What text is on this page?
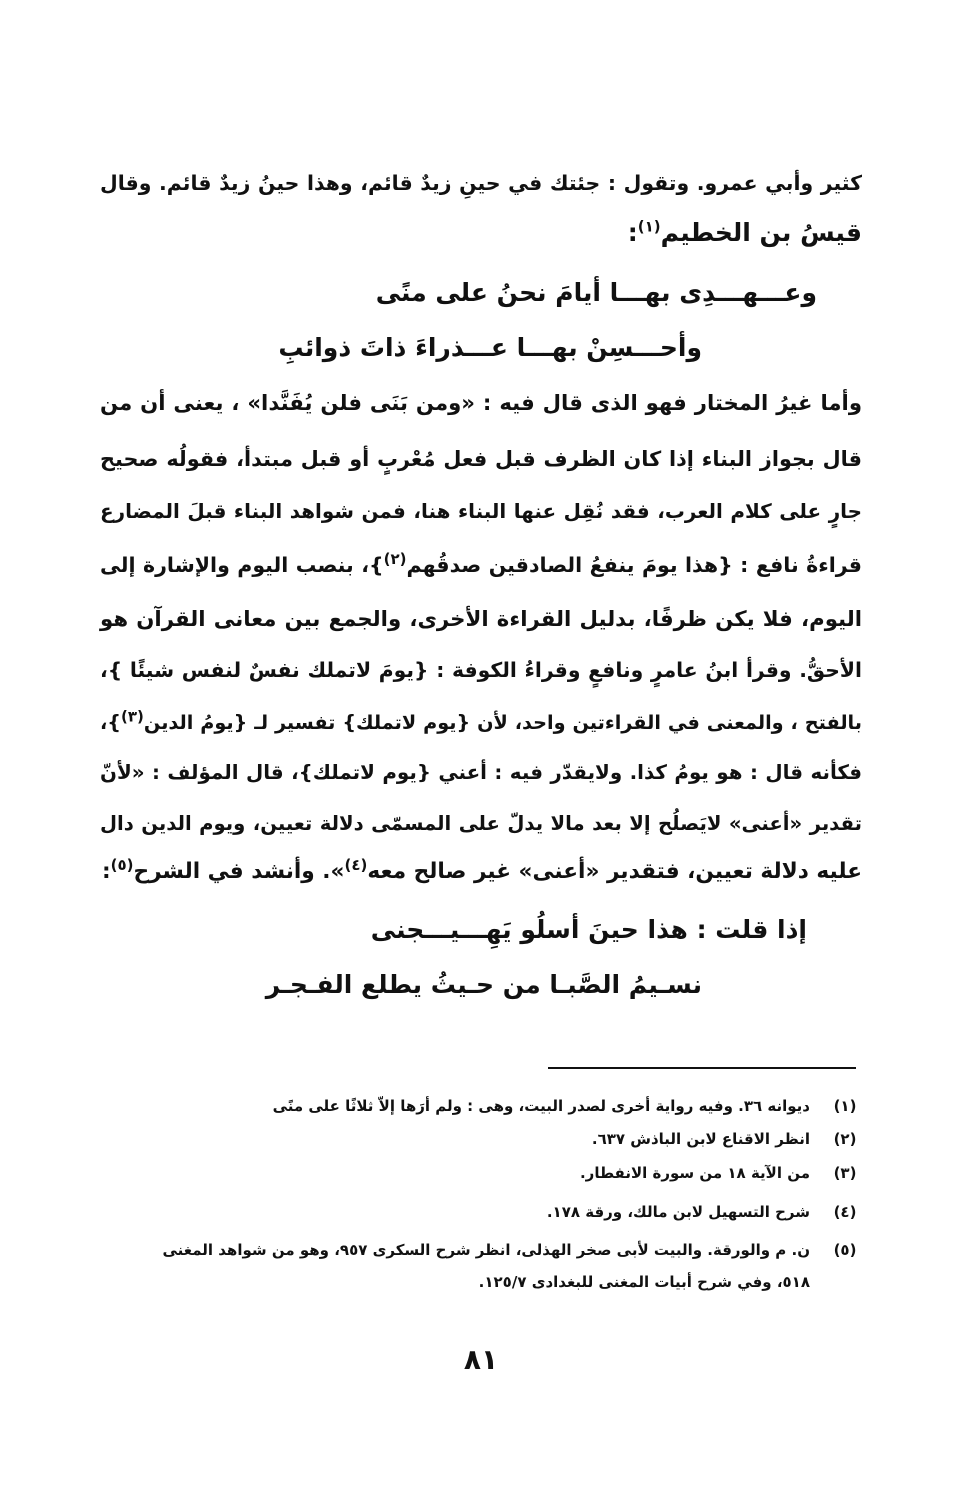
كثير وأبي عمرو. وتقول : جئتك في حينِ زيدٌ قائم، وهذا حينُ زيدٌ قائم. وقال
قيسُ بن الخطيم$^{(١)}$:
وعـــهـــدِى بهـــا أيامَ نحنُ على منًى
وأحـــسِنْ بهـــا عـــذراءَ ذاتَ ذوائبِ
وأما غيرُ المختار فهو الذى قال فيه : «ومن بَنَى فلن يُفَنَّدا» ، يعنى أن من
قال بجواز البناء إذا كان الظرف قبل فعل مُعْربٍ أو قبل مبتدأ، فقولُه صحيح
جارٍ على كلام العرب، فقد نُقِل عنها البناء هنا، فمن شواهد البناء قبلَ المضارع
قراءةُ نافع : {هذا يومَ ينفعُ الصادقين صدقُهم$^{(٢)}$}، بنصب اليوم والإشارة إلى
اليوم، فلا يكن ظرفًا، بدليل القراءة الأخرى، والجمع بين معانى القرآن هو
الأحقُّ. وقرأ ابنُ عامرٍ ونافعٍ وقراءُ الكوفة : {يومَ لاتملك نفسٌ لنفس شيئًا }،
بالفتح ، والمعنى في القراءتين واحد، لأن {يوم لاتملك} تفسير لـ {يومُ الدين$^{(٣)}$}،
فكأنه قال : هو يومُ كذا. ولايقدّر فيه : أعني {يوم لاتملك}، قال المؤلف : «لأنّ
تقدير «أعنى» لايَصلُح إلا بعد مالا يدلّ على المسمّى دلالة تعيين، ويوم الدين دال
عليه دلالة تعيين، فتقدير «أعنى» غير صالح معه$^{(٤)}$». وأنشد في الشرح$^{(٥)}$:
إذا قلت : هذا حينَ أسلُو يَهِـــيـــجنى
نسـيمُ الصَّبـا من حـيثُ يطلع الفـجـر
(١)
ديوانه ٣٦. وفيه رواية أخرى لصدر البيت، وهى : ولم أرَها إلاّ ثلاثًا على منًى
(٢)
انظر الاقناع لابن الباذش ٦٣٧.
(٣)
من الآية ١٨ من سورة الانفطار.
(٤)
شرح التسهيل لابن مالك، ورقة ١٧٨.
(٥)
ن. م والورقة. والبيت لأبى صخر الهذلى، انظر شرح السكرى ٩٥٧، وهو من شواهد المغنى
٥١٨، وفي شرح أبيات المغنى للبغدادى ١٢٥/٧.
٨١
